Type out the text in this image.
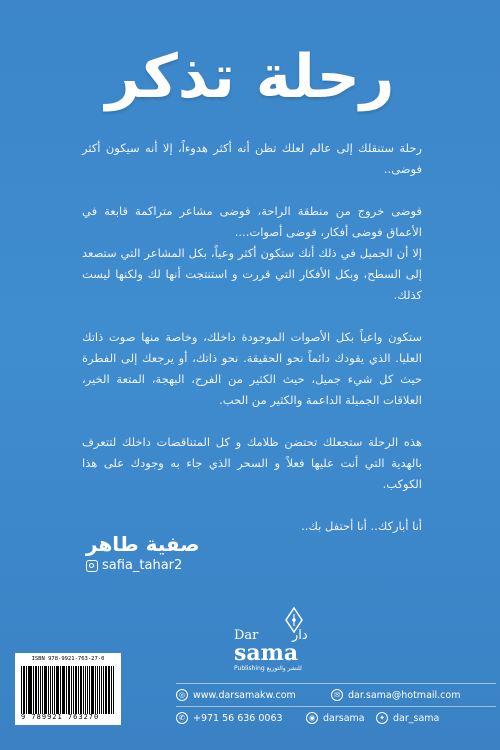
رحلة تذكر

رحلة ستنقلك إلى عالم لعلك تظن أنه أكثر هدوءاً، إلا أنه سيكون أكثر فوضى..

فوضى خروج من منطقة الراحة، فوضى مشاعر متراكمة قابعة في الأعماق فوضى أفكار، فوضى أصوات....

إلا أن الجميل في ذلك أنك ستكون أكثر وعياً، بكل المشاعر التي ستصعد إلى السطح، وبكل الأفكار التي قررت و استنتجت أنها لك ولكنها ليست كذلك.

ستكون واعياً بكل الأصوات الموجودة داخلك، وخاصة منها صوت ذاتك العليا. الذي يقودك دائماً نحو الحقيقة. نحو ذاتك، أو يرجعك إلى الفطرة حيث كل شيء جميل، حيث الكثير من الفرح، البهجة، المتعة الخير، العلاقات الجميلة الداعمة والكثير من الحب.

هذه الرحلة ستجعلك تحتضن ظلامك و كل المتناقضات داخلك لتتعرف بالهدية التي أنت عليها فعلاً و السحر الذي جاء به وجودك على هذا الكوكب.

أنا أباركك.. أنا أحتفل بك..

صفية طاهر
safia_tahar2
ISBN 978-9921-763-27-0
9 789921 763270
Dar	دار
sama
Publishing للنشر والتوزيع
◎ www.darsamakw.com	✉ dar.sama@hotmail.com
✆ +971 56 636 0063	◉ darsama	✦ dar_sama
